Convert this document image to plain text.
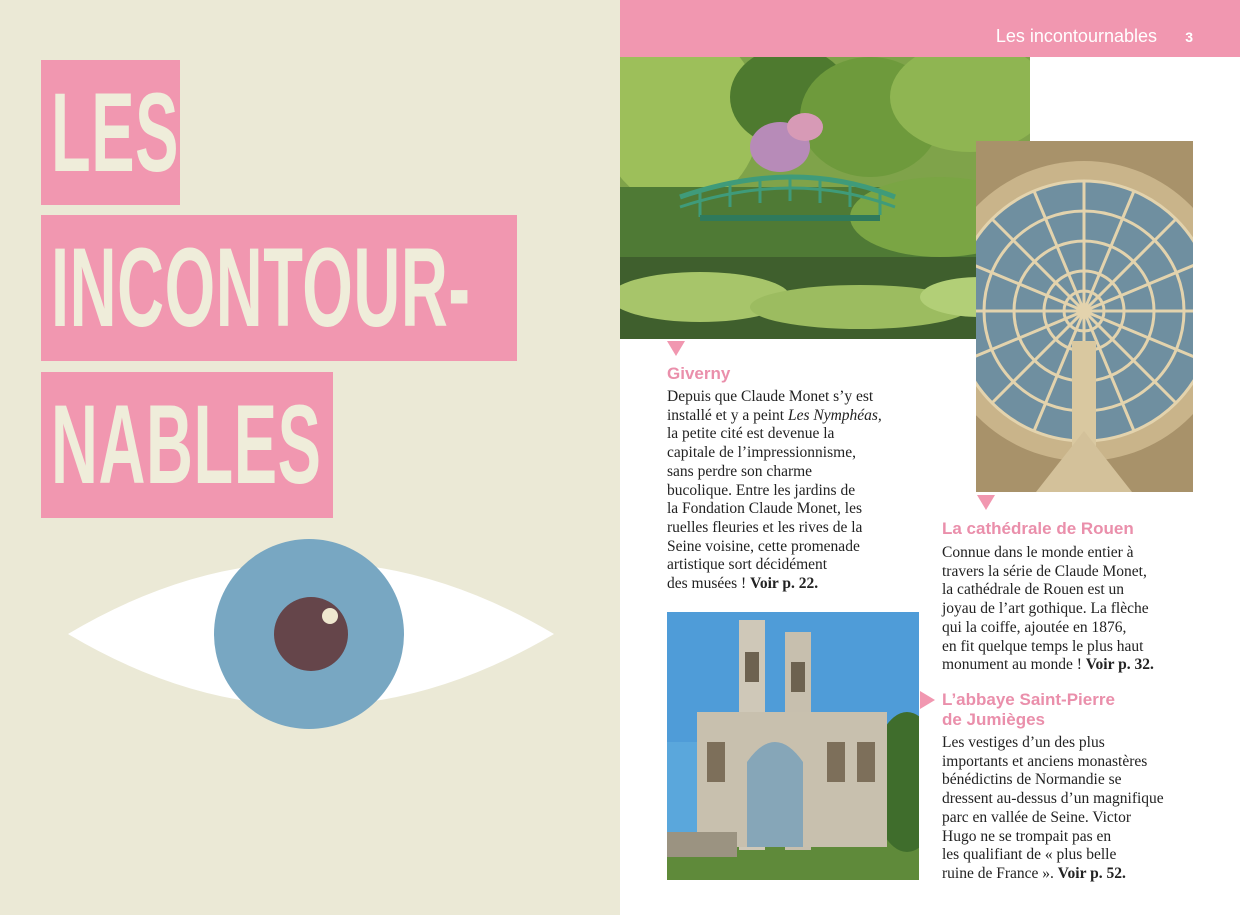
LES
INCONTOUR-
NABLES
Les incontournables 3
Giverny
Depuis que Claude Monet s’y est
installé et y a peint Les Nymphéas,
la petite cité est devenue la
capitale de l’impressionnisme,
sans perdre son charme
bucolique. Entre les jardins de
la Fondation Claude Monet, les
ruelles fleuries et les rives de la
Seine voisine, cette promenade
artistique sort décidément
des musées ! Voir p. 22.
La cathédrale de Rouen
Connue dans le monde entier à
travers la série de Claude Monet,
la cathédrale de Rouen est un
joyau de l’art gothique. La flèche
qui la coiffe, ajoutée en 1876,
en fit quelque temps le plus haut
monument au monde ! Voir p. 32.
L’abbaye Saint-Pierre
de Jumièges
Les vestiges d’un des plus
importants et anciens monastères
bénédictins de Normandie se
dressent au-dessus d’un magnifique
parc en vallée de Seine. Victor
Hugo ne se trompait pas en
les qualifiant de « plus belle
ruine de France ». Voir p. 52.
